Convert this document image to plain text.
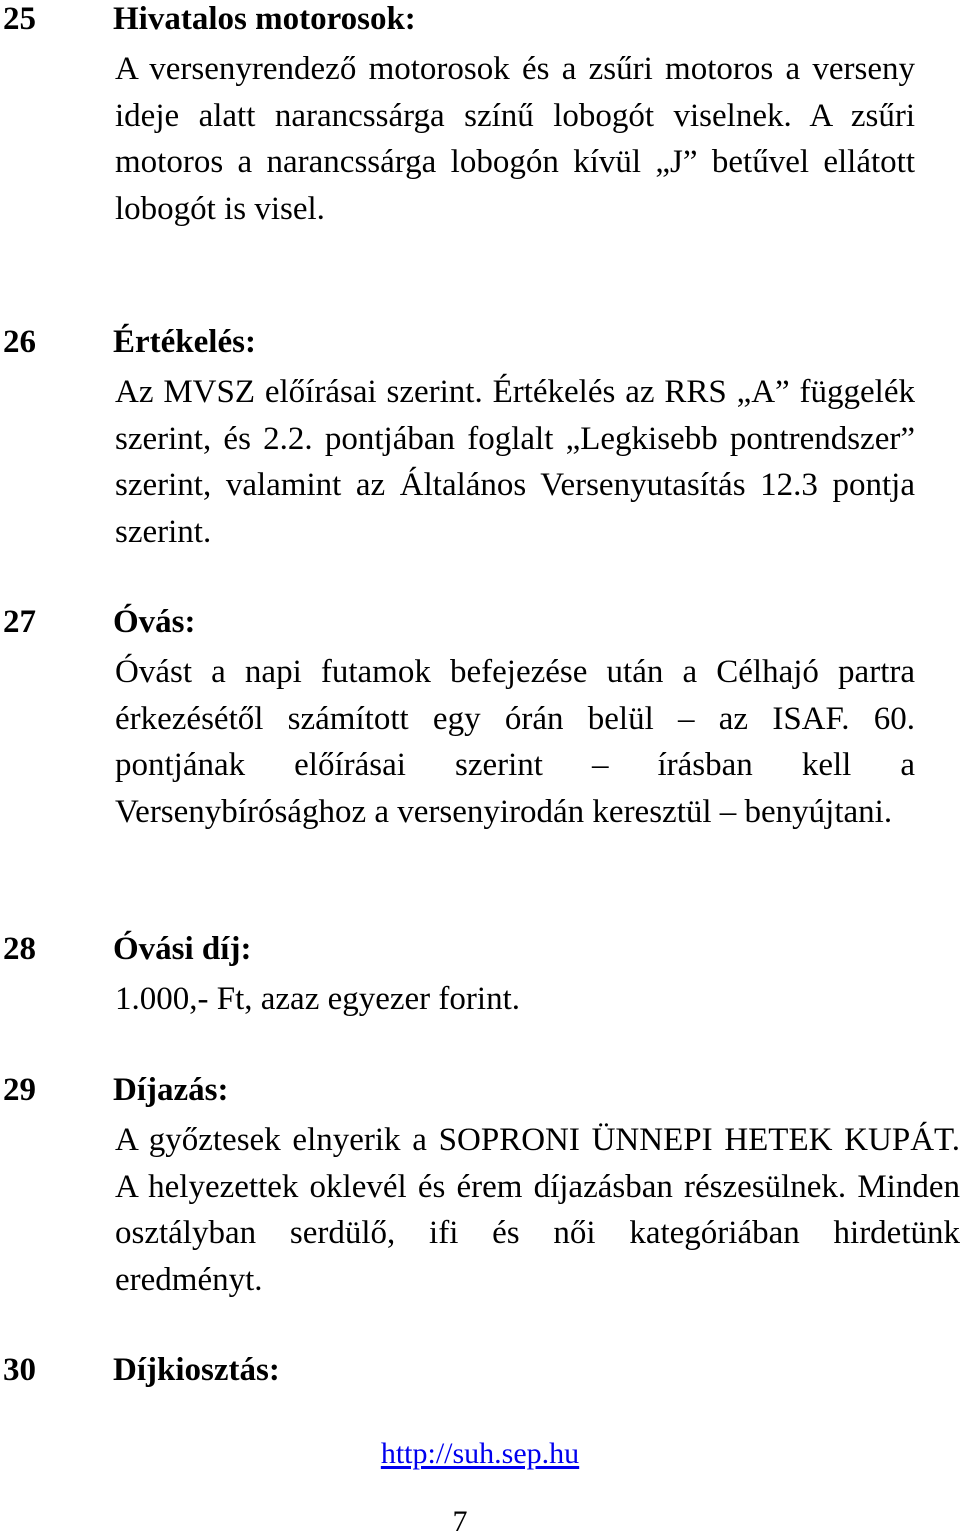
25	Hivatalos motorosok:
A versenyrendező motorosok és a zsűri motoros a verseny ideje alatt narancssárga színű lobogót viselnek. A zsűri motoros a narancssárga lobogón kívül „J” betűvel ellátott lobogót is visel.
26	Értékelés:
Az MVSZ előírásai szerint. Értékelés az RRS „A” függelék szerint, és 2.2. pontjában foglalt „Legkisebb pontrendszer” szerint, valamint az Általános Versenyutasítás 12.3 pontja szerint.
27	Óvás:
Óvást a napi futamok befejezése után a Célhajó partra érkezésétől számított egy órán belül – az ISAF. 60. pontjának előírásai szerint – írásban kell a Versenybírósághoz a versenyirodán keresztül – benyújtani.
28	Óvási díj:
1.000,- Ft, azaz egyezer forint.
29	Díjazás:
A győztesek elnyerik a SOPRONI ÜNNEPI HETEK KUPÁT. A helyezettek oklevél és érem díjazásban részesülnek. Minden osztályban serdülő, ifi és női kategóriában hirdetünk eredményt.
30	Díjkiosztás:
http://suh.sep.hu
7
